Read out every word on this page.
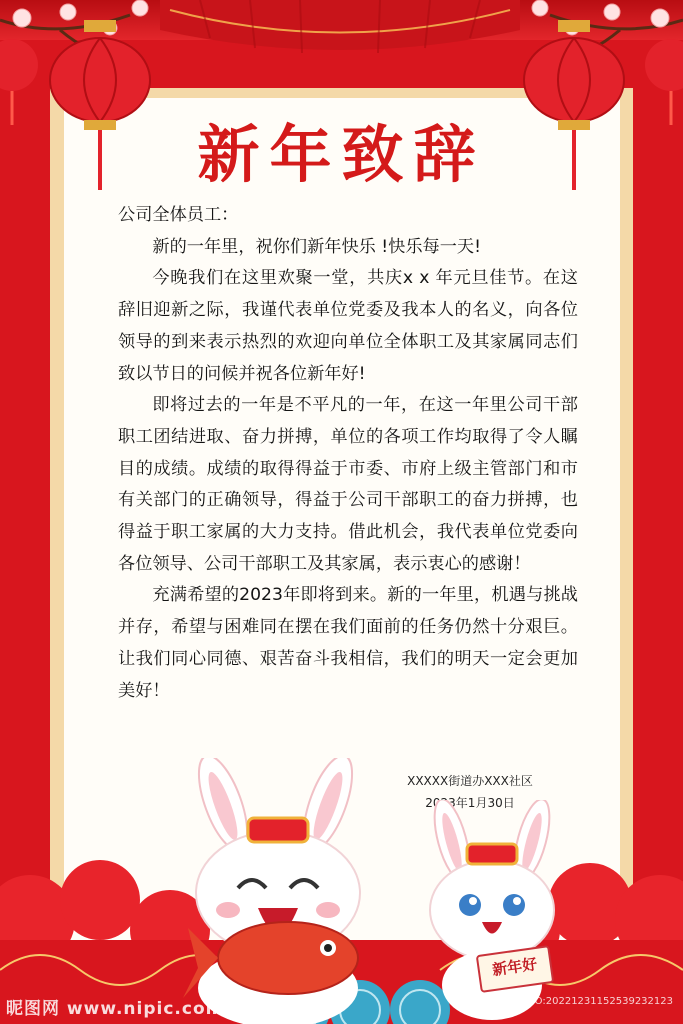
新年致辞

公司全体员工：

新的一年里，祝你们新年快乐 !快乐每一天!

今晚我们在这里欢聚一堂，共庆x x 年元旦佳节。在这辞旧迎新之际，我谨代表单位党委及我本人的名义，向各位领导的到来表示热烈的欢迎向单位全体职工及其家属同志们致以节日的问候并祝各位新年好!

即将过去的一年是不平凡的一年，在这一年里公司干部职工团结进取、奋力拼搏，单位的各项工作均取得了令人瞩目的成绩。成绩的取得得益于市委、市府上级主管部门和市有关部门的正确领导，得益于公司干部职工的奋力拼搏，也得益于职工家属的大力支持。借此机会，我代表单位党委向各位领导、公司干部职工及其家属，表示衷心的感谢！

充满希望的2023年即将到来。新的一年里，机遇与挑战并存，希望与困难同在摆在我们面前的任务仍然十分艰巨。让我们同心同德、艰苦奋斗我相信，我们的明天一定会更加美好！

XXXXX街道办XXX社区
2023年1月30日
新年好
昵图网 www.nipic.com	ID:33180111 NO:20221231152539232123
